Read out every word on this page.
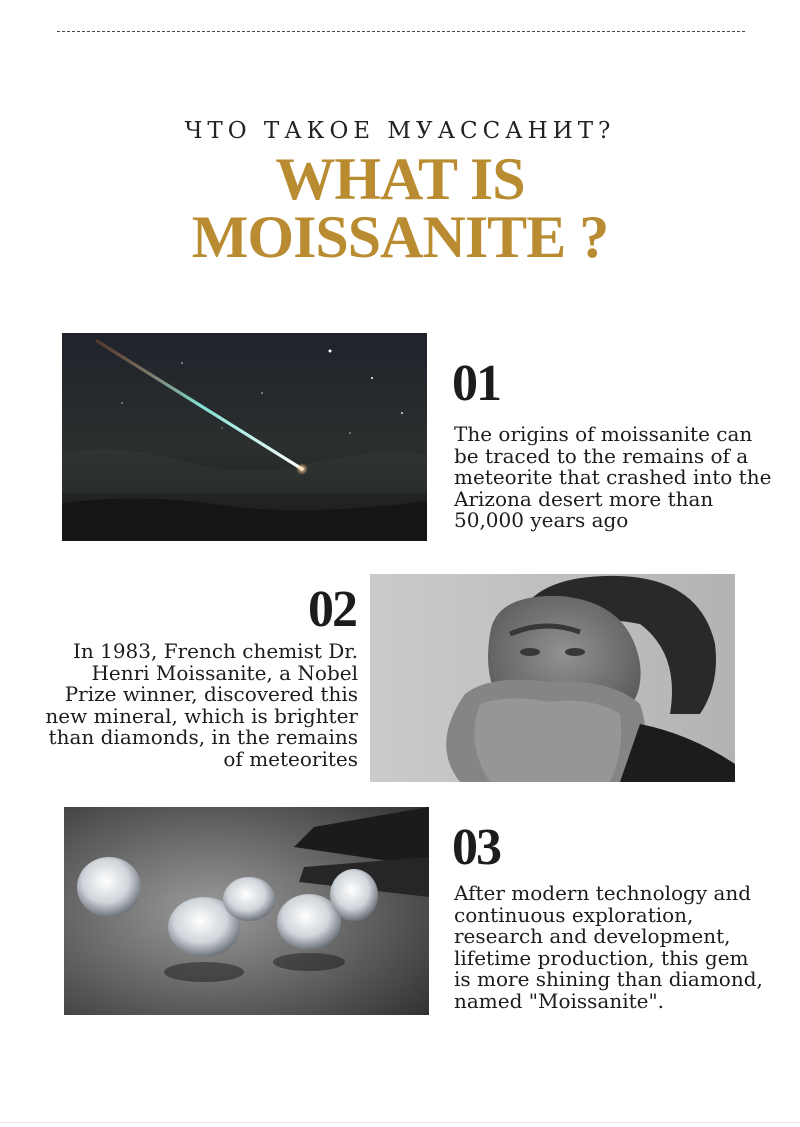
ЧТО ТАКОЕ МУАССАНИТ?
WHAT IS
MOISSANITE ?
01
The origins of moissanite can
be traced to the remains of a
meteorite that crashed into the
Arizona desert more than
50,000 years ago
02
In 1983, French chemist Dr.
Henri Moissanite, a Nobel
Prize winner, discovered this
new mineral, which is brighter
than diamonds, in the remains
of meteorites
03
After modern technology and
continuous exploration,
research and development,
lifetime production, this gem
is more shining than diamond,
named "Moissanite".
